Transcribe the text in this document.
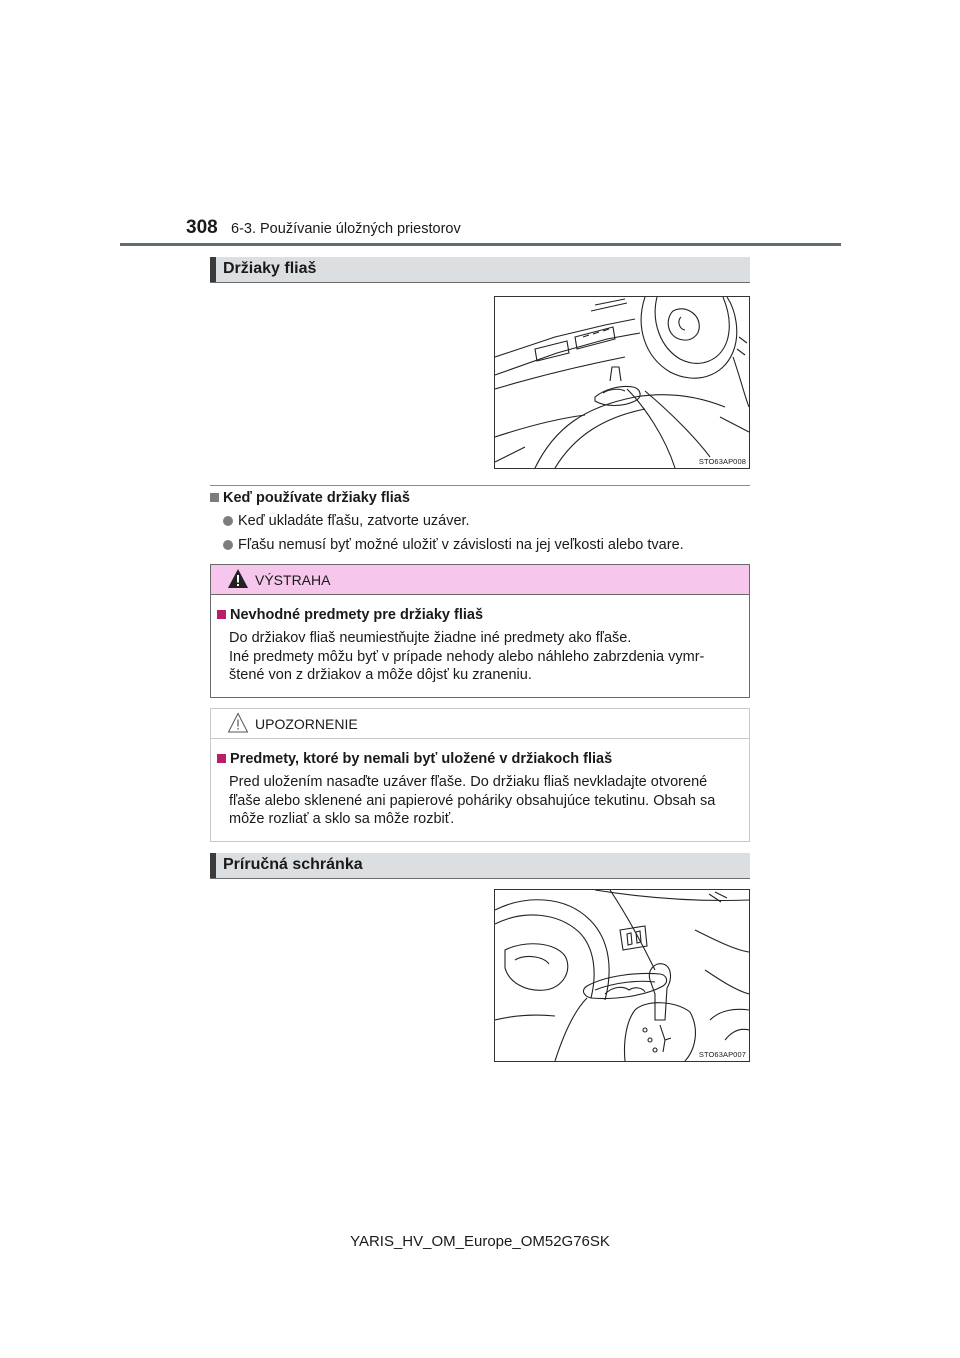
308 6-3. Používanie úložných priestorov
Držiaky fliaš
STO63AP008
Keď používate držiaky fliaš
Keď ukladáte fľašu, zatvorte uzáver.
Fľašu nemusí byť možné uložiť v závislosti na jej veľkosti alebo tvare.
VÝSTRAHA
Nevhodné predmety pre držiaky fliaš
Do držiakov fliaš neumiestňujte žiadne iné predmety ako fľaše.
Iné predmety môžu byť v prípade nehody alebo náhleho zabrzdenia vymr-
štené von z držiakov a môže dôjsť ku zraneniu.
UPOZORNENIE
Predmety, ktoré by nemali byť uložené v držiakoch fliaš
Pred uložením nasaďte uzáver fľaše. Do držiaku fliaš nevkladajte otvorené
fľaše alebo sklenené ani papierové poháriky obsahujúce tekutinu. Obsah sa
môže rozliať a sklo sa môže rozbiť.
Príručná schránka
STO63AP007
YARIS_HV_OM_Europe_OM52G76SK
